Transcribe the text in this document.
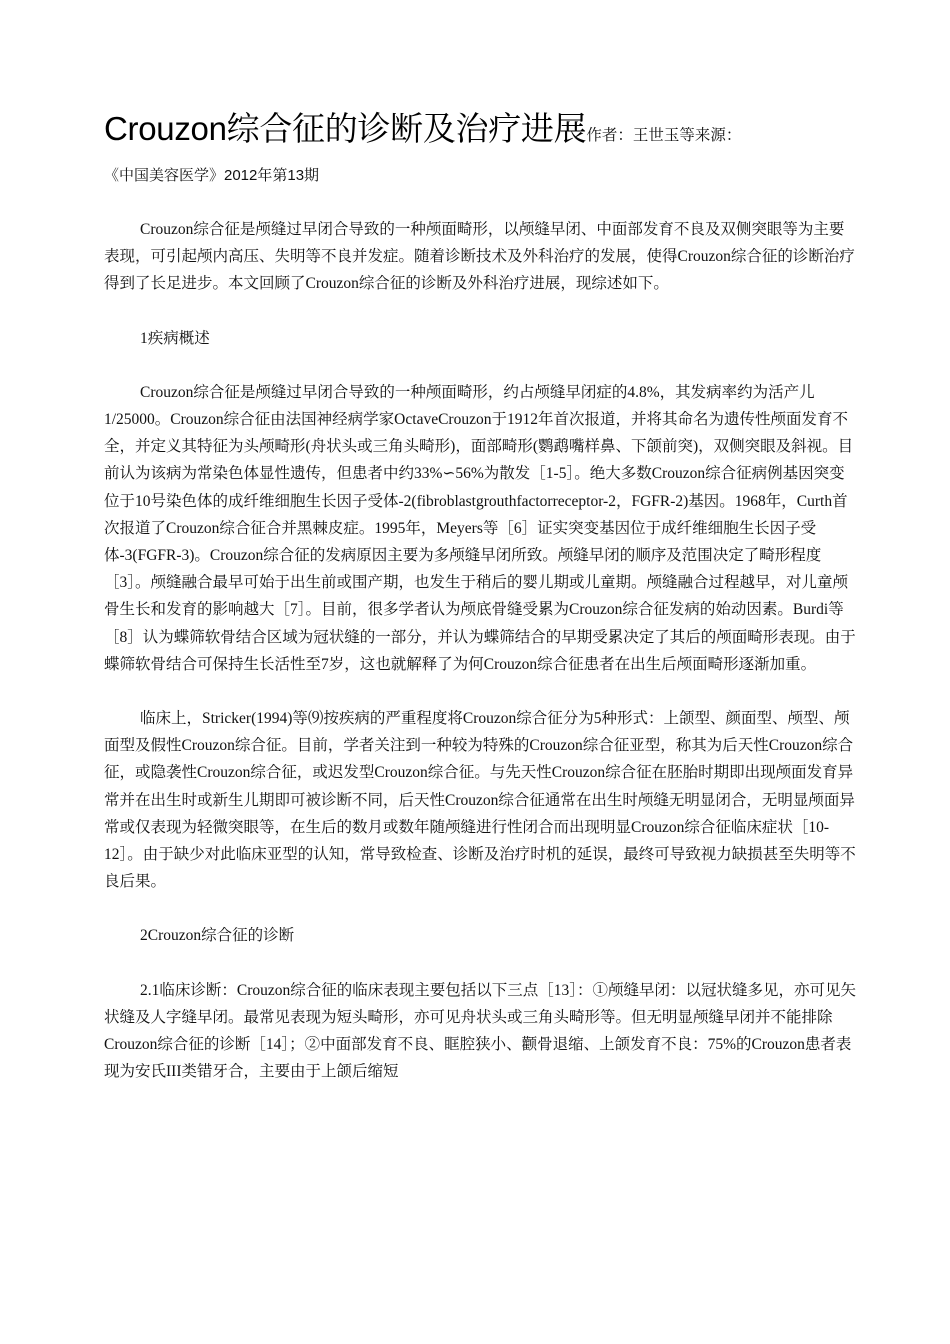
Crouzon综合征的诊断及治疗进展作者：王世玉等来源：
《中国美容医学》2012年第13期

Crouzon综合征是颅缝过早闭合导致的一种颅面畸形，以颅缝早闭、中面部发育不良及双侧突眼等为主要表现，可引起颅内高压、失明等不良并发症。随着诊断技术及外科治疗的发展，使得Crouzon综合征的诊断治疗得到了长足进步。本文回顾了Crouzon综合征的诊断及外科治疗进展，现综述如下。

1疾病概述

Crouzon综合征是颅缝过早闭合导致的一种颅面畸形，约占颅缝早闭症的4.8%，其发病率约为活产儿1/25000。Crouzon综合征由法国神经病学家OctaveCrouzon于1912年首次报道，并将其命名为遗传性颅面发育不全，并定义其特征为头颅畸形(舟状头或三角头畸形)，面部畸形(鹦鹉嘴样鼻、下颌前突)，双侧突眼及斜视。目前认为该病为常染色体显性遗传，但患者中约33%∽56%为散发［1-5］。绝大多数Crouzon综合征病例基因突变位于10号染色体的成纤维细胞生长因子受体-2(fibroblastgrouthfactorreceptor-2，FGFR-2)基因。1968年，Curth首次报道了Crouzon综合征合并黑棘皮症。1995年，Meyers等［6］证实突变基因位于成纤维细胞生长因子受体-3(FGFR-3)。Crouzon综合征的发病原因主要为多颅缝早闭所致。颅缝早闭的顺序及范围决定了畸形程度［3］。颅缝融合最早可始于出生前或围产期，也发生于稍后的婴儿期或儿童期。颅缝融合过程越早，对儿童颅骨生长和发育的影响越大［7］。目前，很多学者认为颅底骨缝受累为Crouzon综合征发病的始动因素。Burdi等［8］认为蝶筛软骨结合区域为冠状缝的一部分，并认为蝶筛结合的早期受累决定了其后的颅面畸形表现。由于蝶筛软骨结合可保持生长活性至7岁，这也就解释了为何Crouzon综合征患者在出生后颅面畸形逐渐加重。

临床上，Stricker(1994)等⑼按疾病的严重程度将Crouzon综合征分为5种形式：上颌型、颜面型、颅型、颅面型及假性Crouzon综合征。目前，学者关注到一种较为特殊的Crouzon综合征亚型，称其为后天性Crouzon综合征，或隐袭性Crouzon综合征，或迟发型Crouzon综合征。与先天性Crouzon综合征在胚胎时期即出现颅面发育异常并在出生时或新生儿期即可被诊断不同，后天性Crouzon综合征通常在出生时颅缝无明显闭合，无明显颅面异常或仅表现为轻微突眼等，在生后的数月或数年随颅缝进行性闭合而出现明显Crouzon综合征临床症状［10-12］。由于缺少对此临床亚型的认知，常导致检查、诊断及治疗时机的延误，最终可导致视力缺损甚至失明等不良后果。

2Crouzon综合征的诊断

2.1临床诊断：Crouzon综合征的临床表现主要包括以下三点［13］：①颅缝早闭：以冠状缝多见，亦可见矢状缝及人字缝早闭。最常见表现为短头畸形，亦可见舟状头或三角头畸形等。但无明显颅缝早闭并不能排除Crouzon综合征的诊断［14］；②中面部发育不良、眶腔狭小、颧骨退缩、上颌发育不良：75%的Crouzon患者表现为安氏III类错牙合，主要由于上颌后缩短
